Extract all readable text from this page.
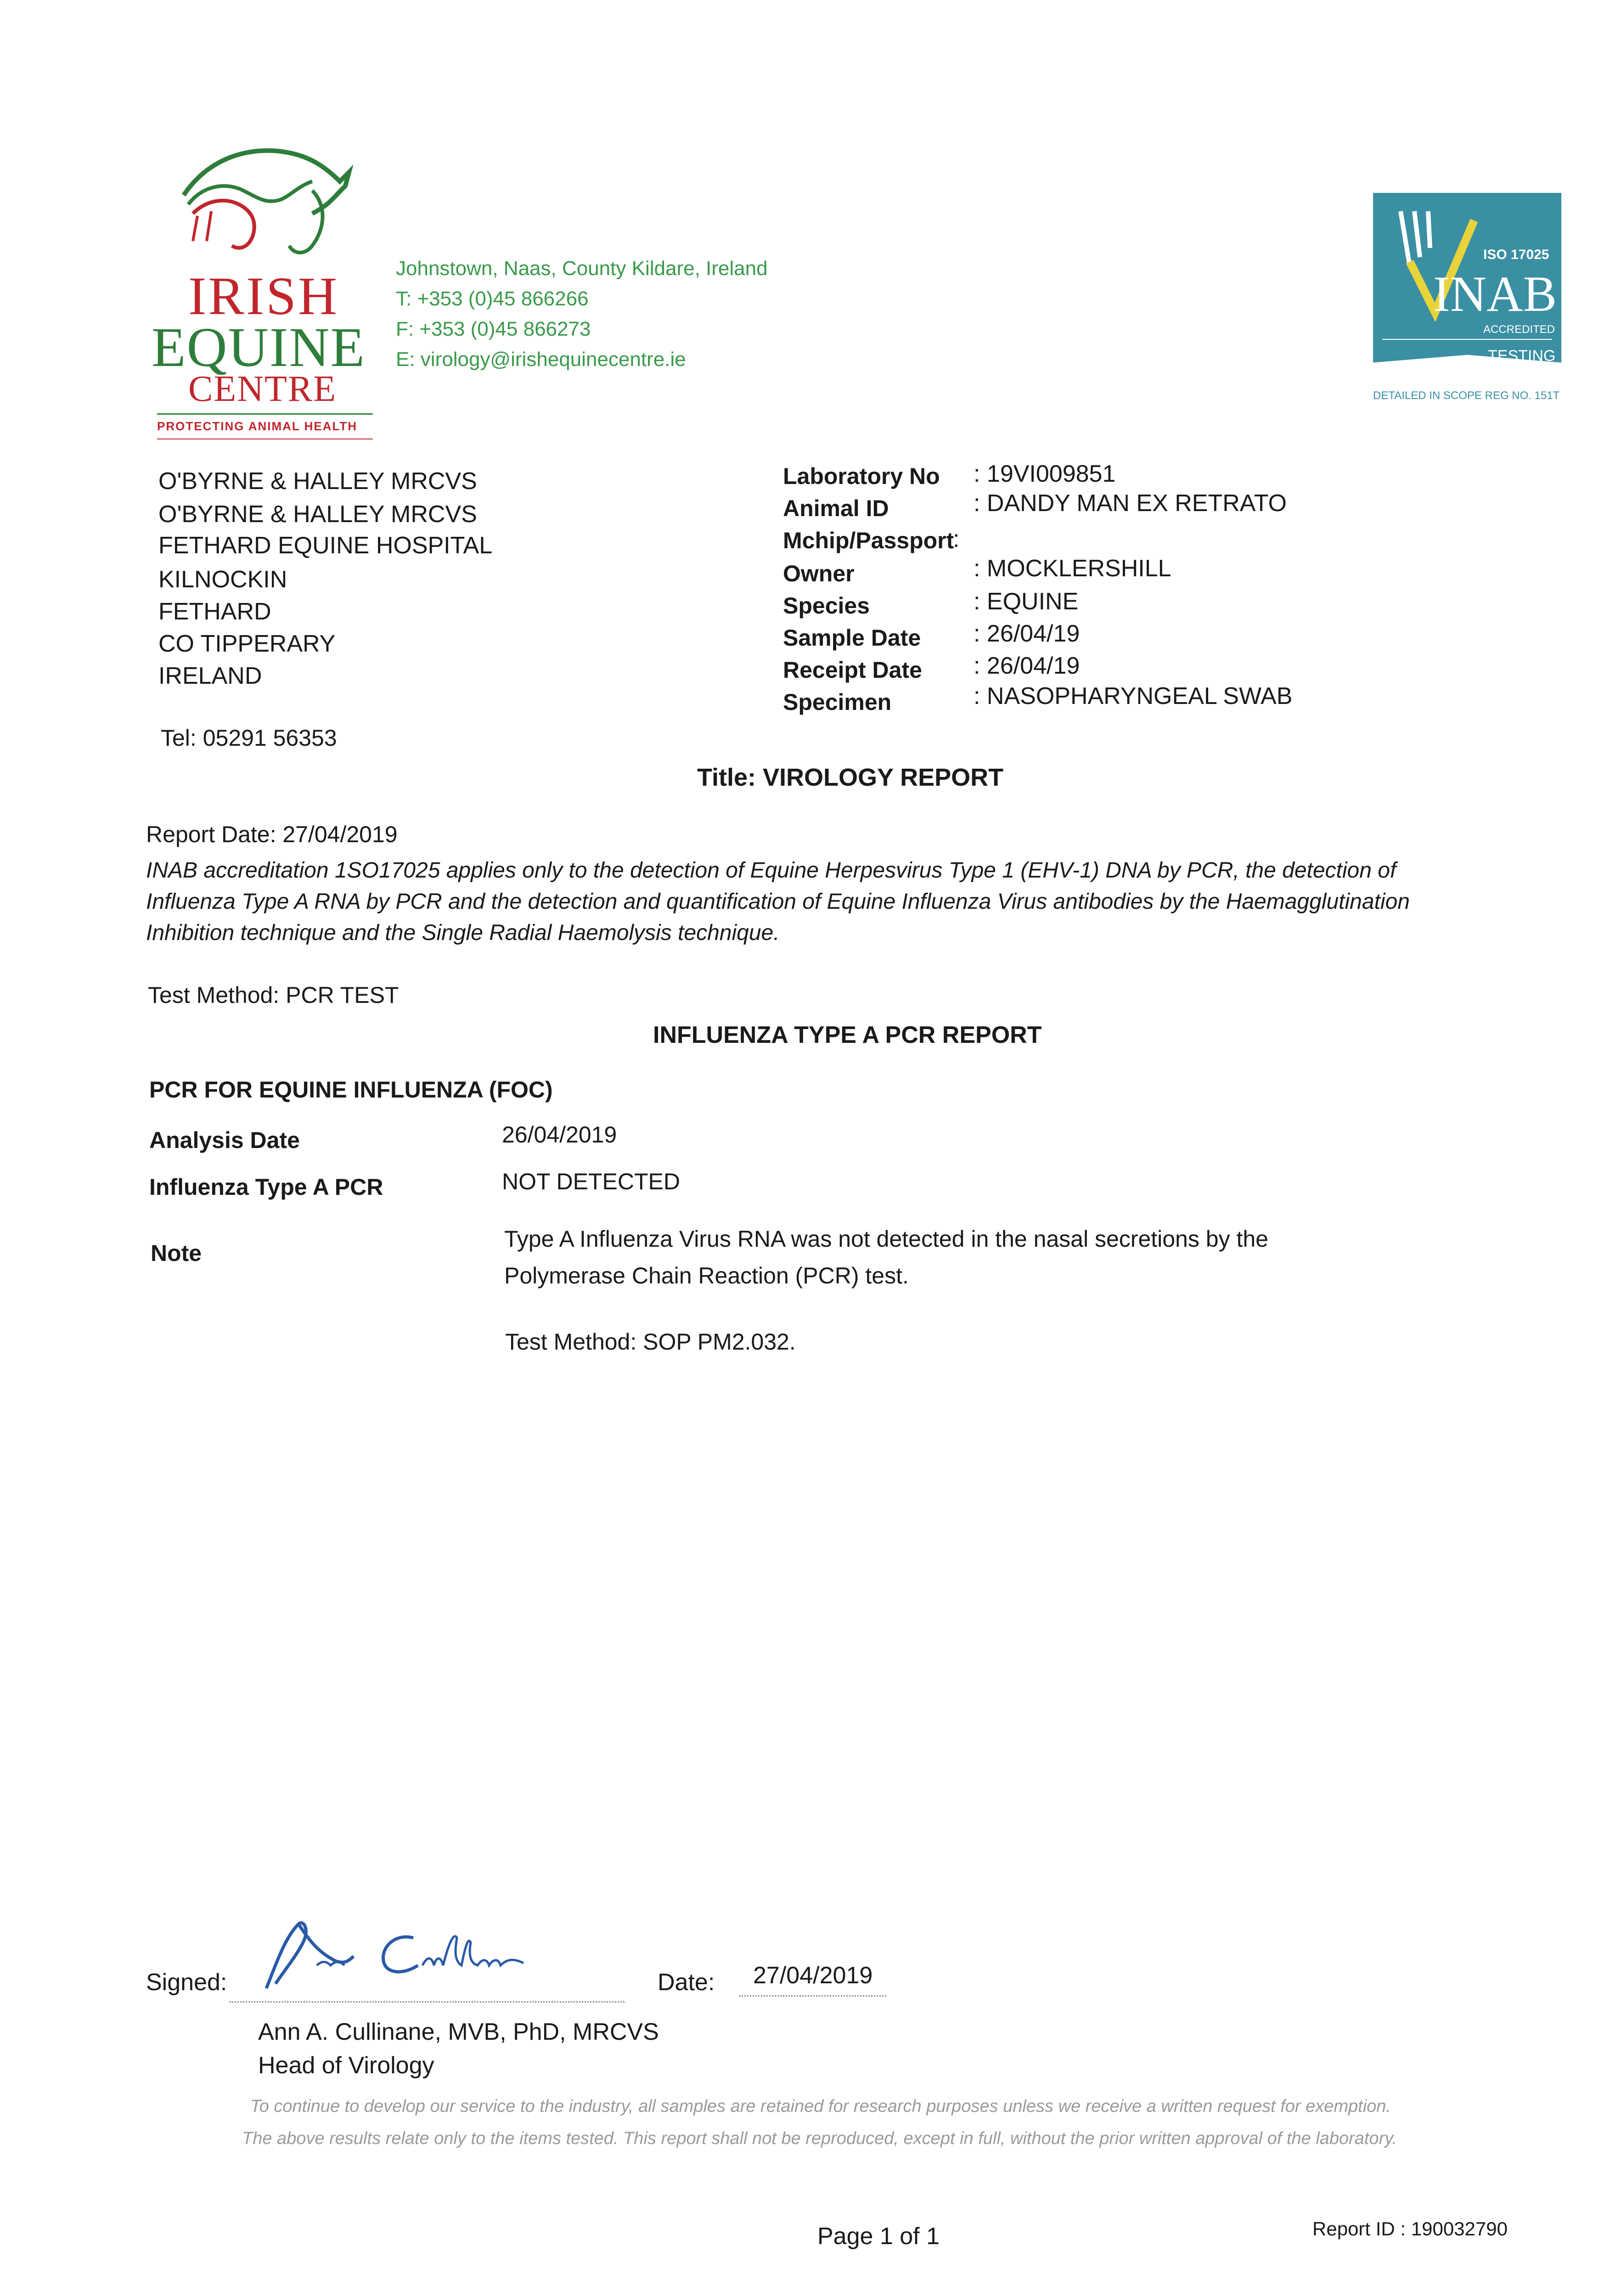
IRISH
EQUINE
CENTRE
PROTECTING ANIMAL HEALTH
Johnstown, Naas, County Kildare, Ireland
T: +353 (0)45 866266
F: +353 (0)45 866273
E: virology@irishequinecentre.ie
ISO 17025
INAB
ACCREDITED
TESTING
DETAILED IN SCOPE REG NO. 151T
O'BYRNE & HALLEY MRCVS
O'BYRNE & HALLEY MRCVS
FETHARD EQUINE HOSPITAL
KILNOCKIN
FETHARD
CO TIPPERARY
IRELAND
Tel: 05291 56353
Laboratory No : 19VI009851
Animal ID	: DANDY MAN EX RETRATO
Mchip/Passport
:
Owner	: MOCKLERSHILL
Species	: EQUINE
Sample Date : 26/04/19
Receipt Date : 26/04/19
Specimen	: NASOPHARYNGEAL SWAB
Title: VIROLOGY REPORT
Report Date: 27/04/2019
INAB accreditation 1SO17025 applies only to the detection of Equine Herpesvirus Type 1 (EHV-1) DNA by PCR, the detection of Influenza Type A RNA by PCR and the detection and quantification of Equine Influenza Virus antibodies by the Haemagglutination Inhibition technique and the Single Radial Haemolysis technique.
Test Method: PCR TEST
INFLUENZA TYPE A PCR REPORT
PCR FOR EQUINE INFLUENZA (FOC)
Analysis Date	26/04/2019
Influenza Type A PCR	NOT DETECTED
Note
Type A Influenza Virus RNA was not detected in the nasal secretions by the Polymerase Chain Reaction (PCR) test.
Test Method: SOP PM2.032.
Signed:	Date: 27/04/2019
Ann A. Cullinane, MVB, PhD, MRCVS
Head of Virology
To continue to develop our service to the industry, all samples are retained for research purposes unless we receive a written request for exemption.
The above results relate only to the items tested. This report shall not be reproduced, except in full, without the prior written approval of the laboratory.
Page 1 of 1	Report ID : 190032790
